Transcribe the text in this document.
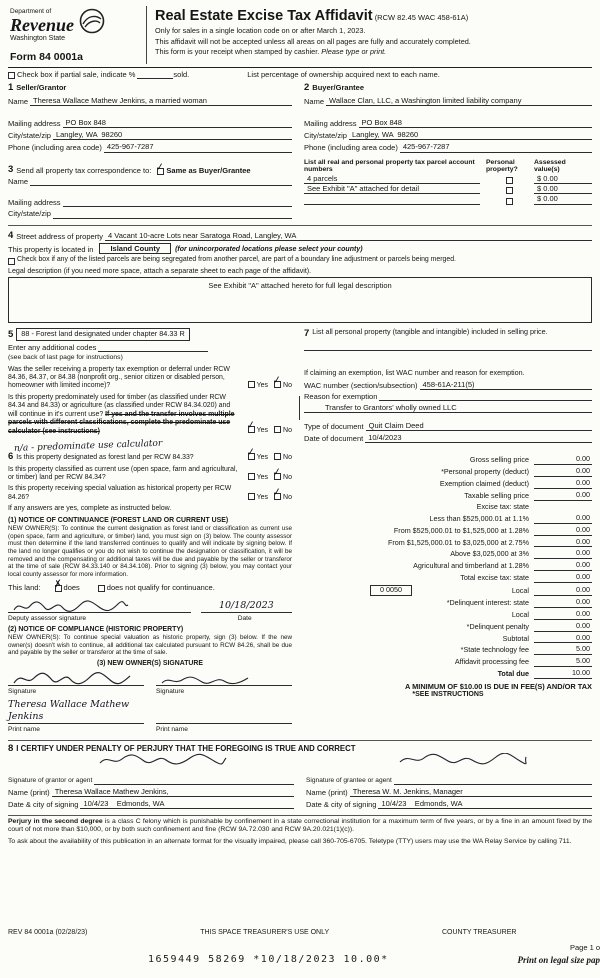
Department of
Revenue
Washington State
Form 84 0001a
Real Estate Excise Tax Affidavit (RCW 82.45 WAC 458-61A)
Only for sales in a single location code on or after March 1, 2023.
This affidavit will not be accepted unless all areas on all pages are fully and accurately completed.
This form is your receipt when stamped by cashier. Please type or print.
Check box if partial sale, indicate %	sold.	List percentage of ownership acquired next to each name.
1 Seller/Grantor
Name Theresa Wallace Mathew Jenkins, a married woman
Mailing address PO Box 848
City/state/zip Langley, WA  98260
Phone (including area code) 425-967-7287
3 Send all property tax correspondence to: ✓ Same as Buyer/Grantee
Name
Mailing address
City/state/zip
2 Buyer/Grantee
Name Wallace Clan, LLC, a Washington limited liability company
Mailing address PO Box 848
City/state/zip Langley, WA  98260
Phone (including area code) 425-967-7287
List all real and personal property tax parcel account numbers
Personal property?
Assessed value(s)
4 parcels	$ 0.00
See Exhibit "A" attached for detail	$ 0.00
$ 0.00
4 Street address of property 4 Vacant 10-acre Lots near Saratoga Road, Langley, WA
This property is located in	Island County	(for unincorporated locations please select your county)
Check box if any of the listed parcels are being segregated from another parcel, are part of a boundary line adjustment or parcels being merged.
Legal description (if you need more space, attach a separate sheet to each page of the affidavit).
See Exhibit "A" attached hereto for full legal description
5	88 - Forest land designated under chapter 84.33 R
Enter any additional codes
(see back of last page for instructions)
Was the seller receiving a property tax exemption or deferral under RCW 84.36, 84.37, or 84.38 (nonprofit org., senior citizen or disabled person, homeowner with limited income)?	Yes ✓ No
Is this property predominately used for timber (as classified under RCW 84.34 and 84.33) or agriculture (as classified under RCW 84.34.020) and will continue in it's current use? If yes and the transfer involves multiple parcels with different classifications, complete the predominate use calculator (see instructions)	✓ Yes No
n/a - predominate use calculator
6 Is this property designated as forest land per RCW 84.33?	✓ Yes No
Is this property classified as current use (open space, farm and agricultural, or timber) land per RCW 84.34?	Yes ✓ No
Is this property receiving special valuation as historical property per RCW 84.26?	Yes ✓ No
If any answers are yes, complete as instructed below.
(1) NOTICE OF CONTINUANCE (FOREST LAND OR CURRENT USE)
NEW OWNER(S): To continue the current designation as forest land or classification as current use (open space, farm and agriculture, or timber) land, you must sign on (3) below. The county assessor must then determine if the land transferred continues to qualify and will indicate by signing below. If the land no longer qualifies or you do not wish to continue the designation or classification, it will be removed and the compensating or additional taxes will be due and payable by the seller or transferor at the time of sale (RCW 84.33.140 or 84.34.108). Prior to signing (3) below, you may contact your local county assessor for more information.
This land: ✗ does	does not qualify for continuance.
10/18/2023
Deputy assessor signature	Date
(2) NOTICE OF COMPLIANCE (HISTORIC PROPERTY)
NEW OWNER(S): To continue special valuation as historic property, sign (3) below. If the new owner(s) doesn't wish to continue, all additional tax calculated pursuant to RCW 84.26, shall be due and payable by the seller or transferor at the time of sale.
(3) NEW OWNER(S) SIGNATURE
Signature	Signature
Theresa Wallace Mathew Jenkins
Print name	Print name
7 List all personal property (tangible and intangible) included in selling price.
If claiming an exemption, list WAC number and reason for exemption.
WAC number (section/subsection) 458-61A-211(5)
Reason for exemption
Transfer to Grantors' wholly owned LLC
Type of document Quit Claim Deed
Date of document 10/4/2023
Gross selling price	0.00
*Personal property (deduct)	0.00
Exemption claimed (deduct)	0.00
Taxable selling price	0.00
Excise tax: state
Less than $525,000.01 at 1.1%	0.00
From $525,000.01 to $1,525,000 at 1.28%	0.00
From $1,525,000.01 to $3,025,000 at 2.75%	0.00
Above $3,025,000 at 3%	0.00
Agricultural and timberland at 1.28%	0.00
Total excise tax: state	0.00
0 0050	Local	0.00
*Delinquent interest: state	0.00
Local	0.00
*Delinquent penalty	0.00
Subtotal	0.00
*State technology fee	5.00
Affidavit processing fee	5.00
Total due	10.00
A MINIMUM OF $10.00 IS DUE IN FEE(S) AND/OR TAX
*SEE INSTRUCTIONS
8 I CERTIFY UNDER PENALTY OF PERJURY THAT THE FOREGOING IS TRUE AND CORRECT
Signature of grantor or agent

Name (print) Theresa Wallace Mathew Jenkins,
Date & city of signing 10/4/23    Edmonds, WA
Signature of grantee or agent

Name (print) Theresa W. M. Jenkins, Manager
Date & city of signing 10/4/23    Edmonds, WA
Perjury in the second degree is a class C felony which is punishable by confinement in a state correctional institution for a maximum term of five years, or by a fine in an amount fixed by the court of not more than $10,000, or by both such confinement and fine (RCW 9A.72.030 and RCW 9A.20.021(1)(c)).
To ask about the availability of this publication in an alternate format for the visually impaired, please call 360-705-6705. Teletype (TTY) users may use the WA Relay Service by calling 711.
REV 84 0001a (02/28/23)	THIS SPACE TREASURER'S USE ONLY	COUNTY TREASURER
1659449 58269 *10/18/2023 10.00*
Page 1 o
Print on legal size pap
